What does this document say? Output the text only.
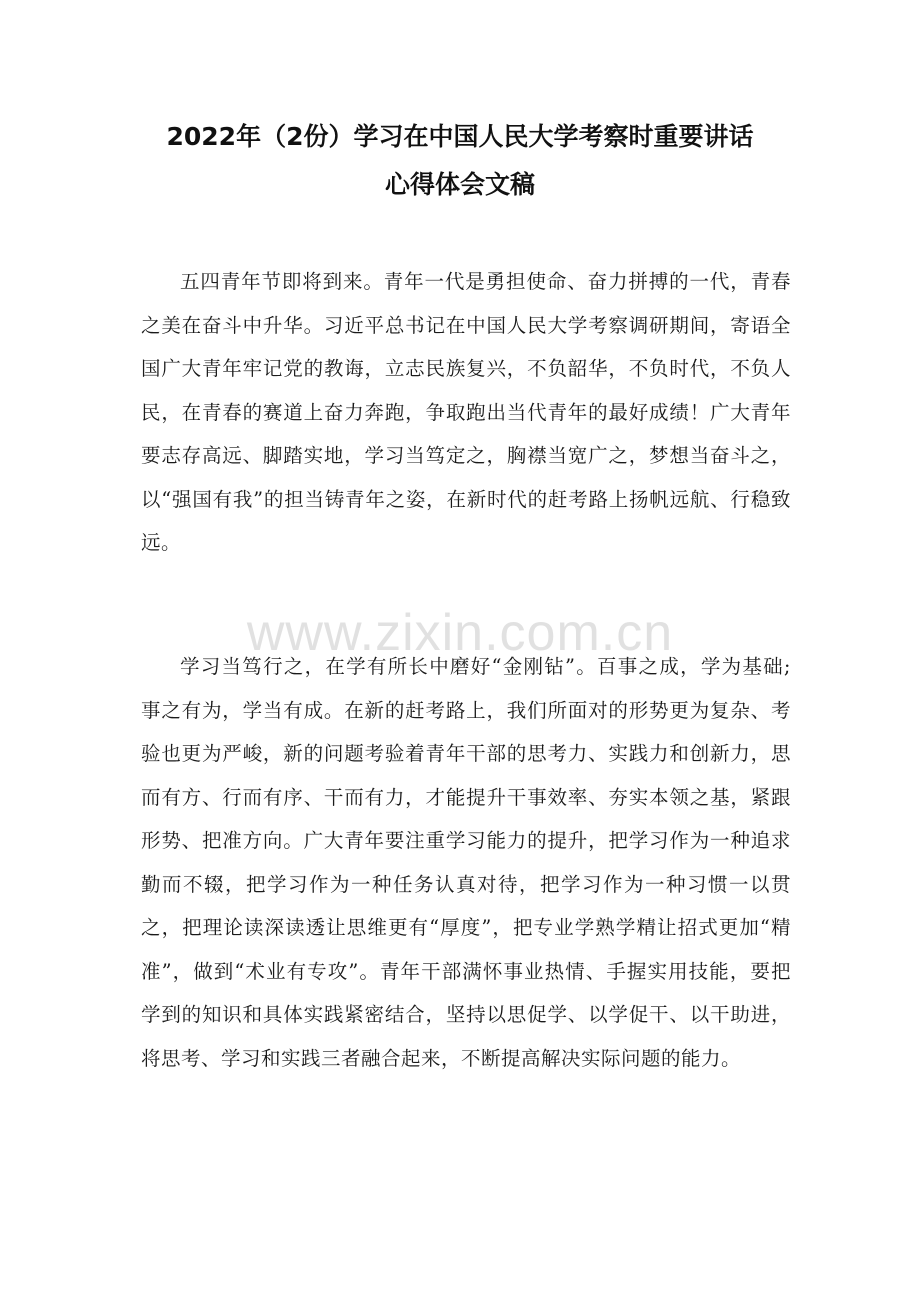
2022年（2份）学习在中国人民大学考察时重要讲话
心得体会文稿

五四青年节即将到来。青年一代是勇担使命、奋力拼搏的一代，青春之美在奋斗中升华。习近平总书记在中国人民大学考察调研期间，寄语全国广大青年牢记党的教诲，立志民族复兴，不负韶华，不负时代，不负人民，在青春的赛道上奋力奔跑，争取跑出当代青年的最好成绩！广大青年要志存高远、脚踏实地，学习当笃定之，胸襟当宽广之，梦想当奋斗之，以“强国有我”的担当铸青年之姿，在新时代的赶考路上扬帆远航、行稳致远。

www.zixin.com.cn

学习当笃行之，在学有所长中磨好“金刚钻”。百事之成，学为基础; 事之有为，学当有成。在新的赶考路上，我们所面对的形势更为复杂、考验也更为严峻，新的问题考验着青年干部的思考力、实践力和创新力，思而有方、行而有序、干而有力，才能提升干事效率、夯实本领之基，紧跟形势、把准方向。广大青年要注重学习能力的提升，把学习作为一种追求勤而不辍，把学习作为一种任务认真对待，把学习作为一种习惯一以贯之，把理论读深读透让思维更有“厚度”，把专业学熟学精让招式更加“精准”，做到“术业有专攻”。青年干部满怀事业热情、手握实用技能，要把学到的知识和具体实践紧密结合，坚持以思促学、以学促干、以干助进，将思考、学习和实践三者融合起来，不断提高解决实际问题的能力。
